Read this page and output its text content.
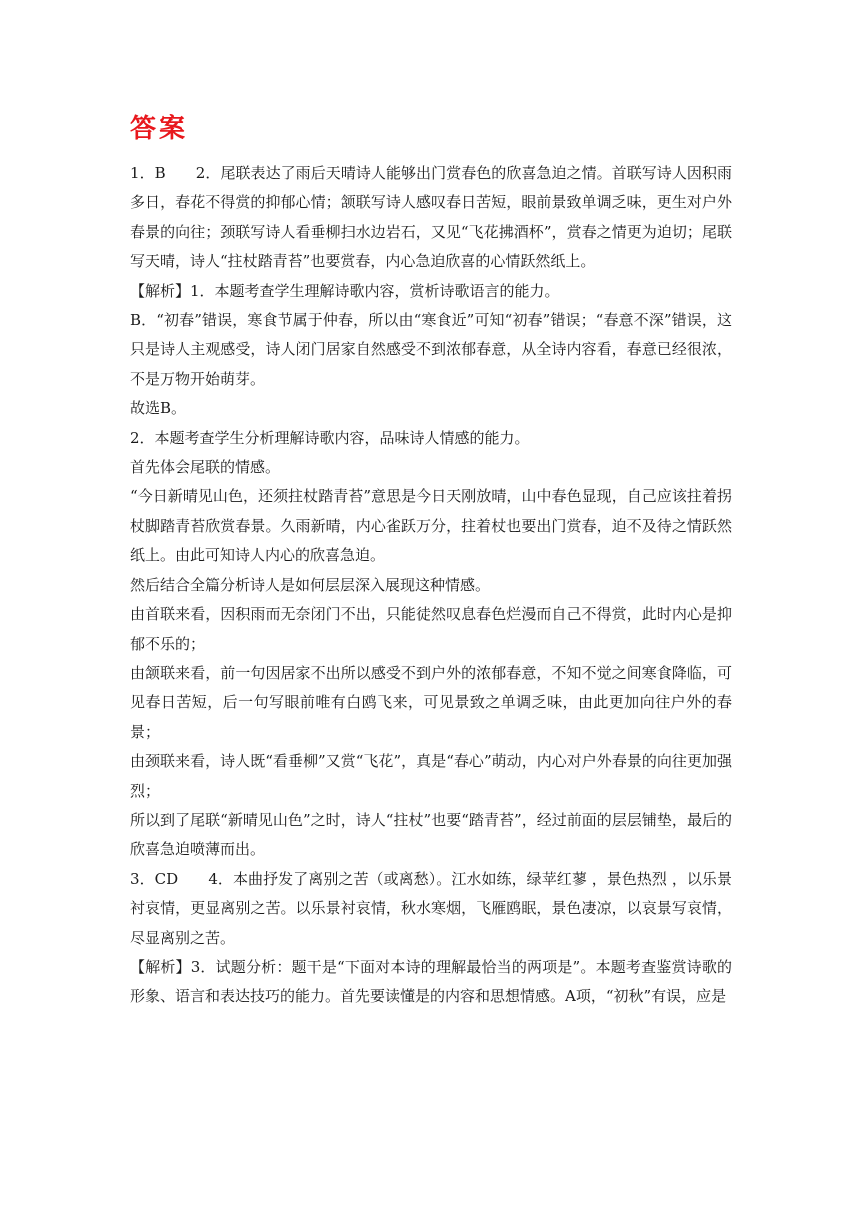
答案

1．B　　2．尾联表达了雨后天晴诗人能够出门赏春色的欣喜急迫之情。首联写诗人因积雨多日，春花不得赏的抑郁心情；颔联写诗人感叹春日苦短，眼前景致单调乏味，更生对户外春景的向往；颈联写诗人看垂柳扫水边岩石，又见“飞花拂酒杯”，赏春之情更为迫切；尾联写天晴，诗人“拄杖踏青苔”也要赏春，内心急迫欣喜的心情跃然纸上。

【解析】1．本题考查学生理解诗歌内容，赏析诗歌语言的能力。

B．“初春”错误，寒食节属于仲春，所以由“寒食近”可知“初春”错误；“春意不深”错误，这只是诗人主观感受，诗人闭门居家自然感受不到浓郁春意，从全诗内容看，春意已经很浓，不是万物开始萌芽。

故选B。

2．本题考查学生分析理解诗歌内容，品味诗人情感的能力。

首先体会尾联的情感。

“今日新晴见山色，还须拄杖踏青苔”意思是今日天刚放晴，山中春色显现，自己应该拄着拐杖脚踏青苔欣赏春景。久雨新晴，内心雀跃万分，拄着杖也要出门赏春，迫不及待之情跃然纸上。由此可知诗人内心的欣喜急迫。

然后结合全篇分析诗人是如何层层深入展现这种情感。

由首联来看，因积雨而无奈闭门不出，只能徒然叹息春色烂漫而自己不得赏，此时内心是抑郁不乐的；

由颔联来看，前一句因居家不出所以感受不到户外的浓郁春意，不知不觉之间寒食降临，可见春日苦短，后一句写眼前唯有白鸥飞来，可见景致之单调乏味，由此更加向往户外的春景；

由颈联来看，诗人既“看垂柳”又赏“飞花”，真是“春心”萌动，内心对户外春景的向往更加强烈；

所以到了尾联“新晴见山色”之时，诗人“拄杖”也要“踏青苔”，经过前面的层层铺垫，最后的欣喜急迫喷薄而出。

3．CD　　4．本曲抒发了离别之苦（或离愁）。江水如练，绿苹红蓼 ，景色热烈 ，以乐景衬哀情，更显离别之苦。以乐景衬哀情，秋水寒烟，飞雁鸥眠，景色凄凉，以哀景写哀情，尽显离别之苦。

【解析】3．试题分析：题干是“下面对本诗的理解最恰当的两项是”。本题考查鉴赏诗歌的形象、语言和表达技巧的能力。首先要读懂是的内容和思想情感。A项，“初秋”有误，应是
